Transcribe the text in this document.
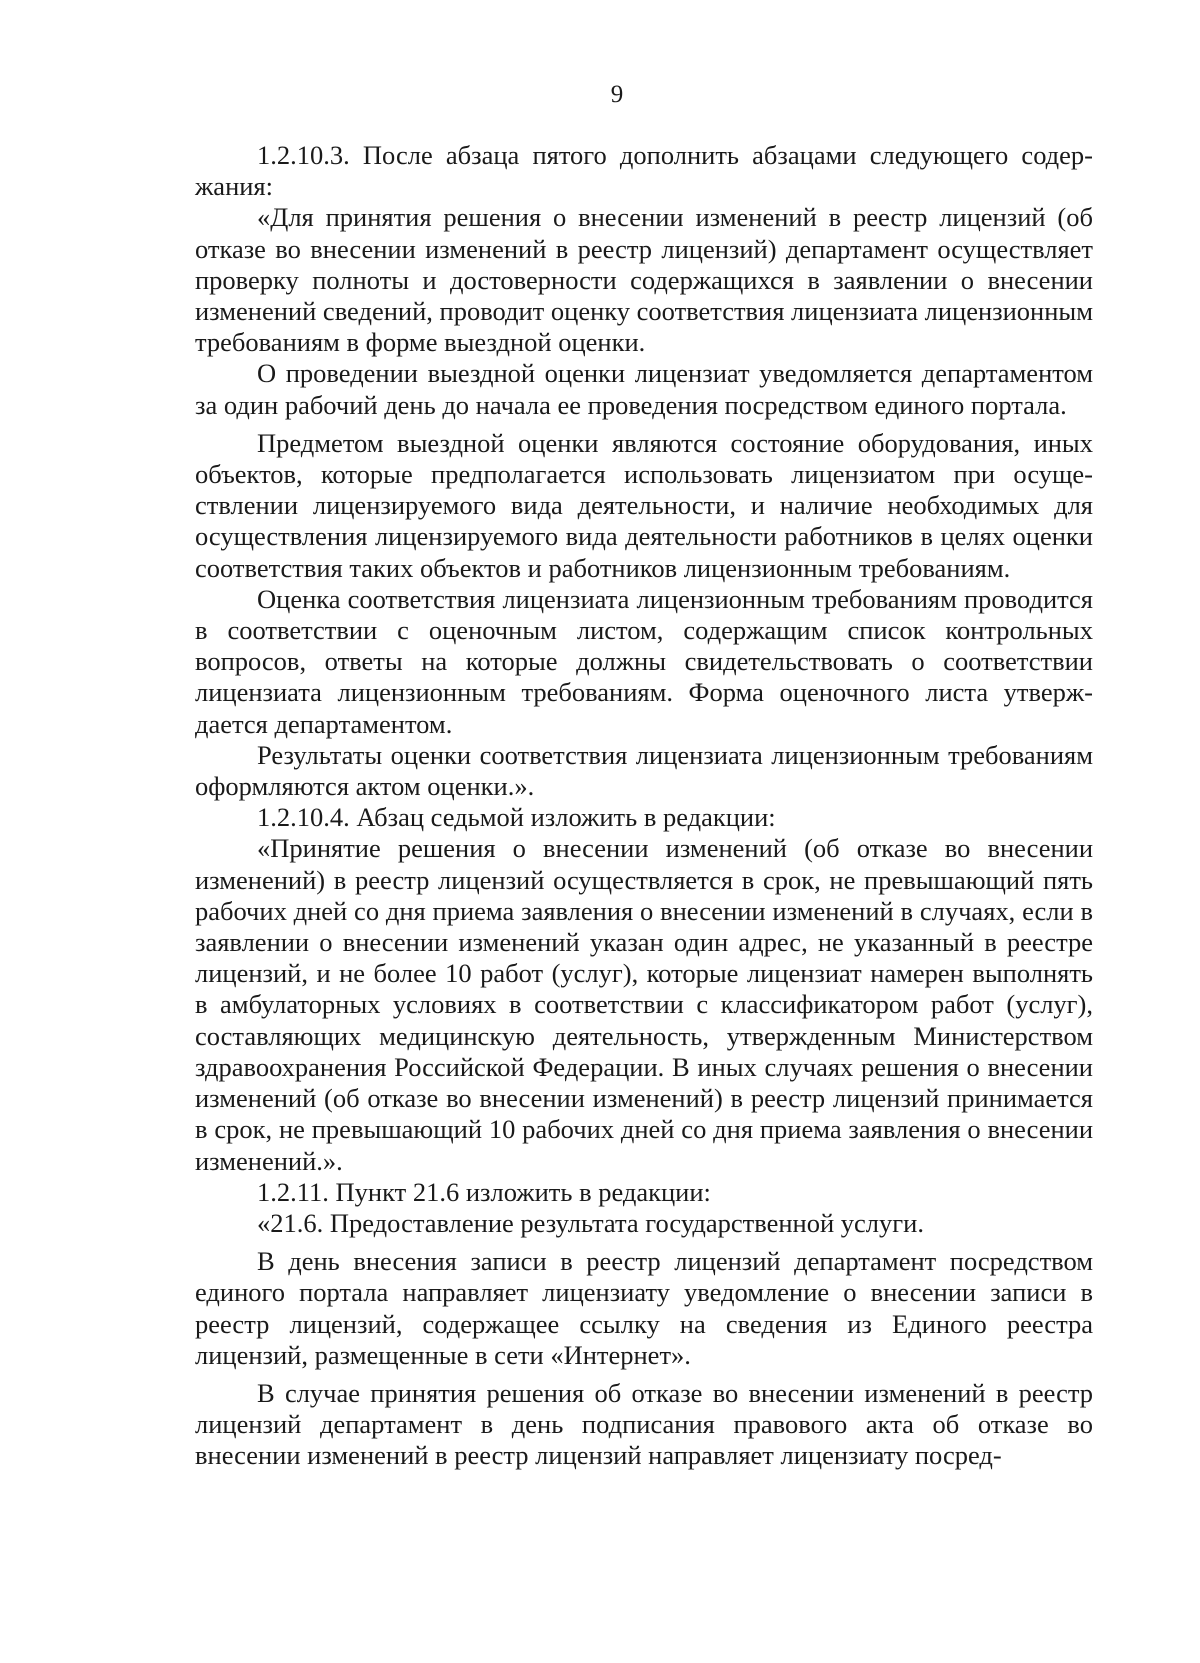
9

1.2.10.3. После абзаца пятого дополнить абзацами следующего содержания:

«Для принятия решения о внесении изменений в реестр лицензий (об отказе во внесении изменений в реестр лицензий) департамент осуществляет проверку полноты и достоверности содержащихся в заявлении о внесении изменений сведений, проводит оценку соответствия лицензиата лицензионным требованиям в форме выездной оценки.

О проведении выездной оценки лицензиат уведомляется департаментом за один рабочий день до начала ее проведения посредством единого портала.

Предметом выездной оценки являются состояние оборудования, иных объектов, которые предполагается использовать лицензиатом при осуществлении лицензируемого вида деятельности, и наличие необходимых для осуществления лицензируемого вида деятельности работников в целях оценки соответствия таких объектов и работников лицензионным требованиям.

Оценка соответствия лицензиата лицензионным требованиям проводится в соответствии с оценочным листом, содержащим список контрольных вопросов, ответы на которые должны свидетельствовать о соответствии лицензиата лицензионным требованиям. Форма оценочного листа утверждается департаментом.

Результаты оценки соответствия лицензиата лицензионным требованиям оформляются актом оценки.».

1.2.10.4. Абзац седьмой изложить в редакции:

«Принятие решения о внесении изменений (об отказе во внесении изменений) в реестр лицензий осуществляется в срок, не превышающий пять рабочих дней со дня приема заявления о внесении изменений в случаях, если в заявлении о внесении изменений указан один адрес, не указанный в реестре лицензий, и не более 10 работ (услуг), которые лицензиат намерен выполнять в амбулаторных условиях в соответствии с классификатором работ (услуг), составляющих медицинскую деятельность, утвержденным Министерством здравоохранения Российской Федерации. В иных случаях решения о внесении изменений (об отказе во внесении изменений) в реестр лицензий принимается в срок, не превышающий 10 рабочих дней со дня приема заявления о внесении изменений.».

1.2.11. Пункт 21.6 изложить в редакции:

«21.6. Предоставление результата государственной услуги.

В день внесения записи в реестр лицензий департамент посредством единого портала направляет лицензиату уведомление о внесении записи в реестр лицензий, содержащее ссылку на сведения из Единого реестра лицензий, размещенные в сети «Интернет».

В случае принятия решения об отказе во внесении изменений в реестр лицензий департамент в день подписания правового акта об отказе во внесении изменений в реестр лицензий направляет лицензиату посред-
